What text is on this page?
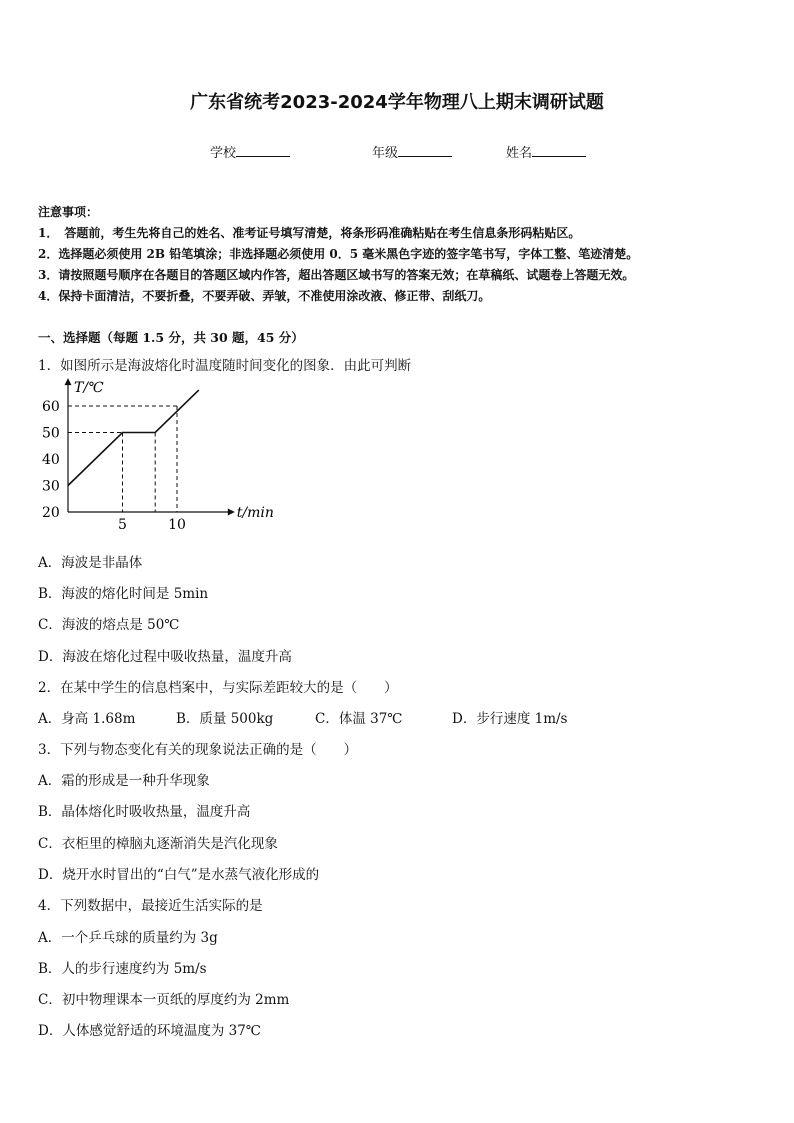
广东省统考2023-2024学年物理八上期末调研试题
学校	年级	姓名
注意事项：
1．　答题前，考生先将自己的姓名、准考证号填写清楚，将条形码准确粘贴在考生信息条形码粘贴区。
2．选择题必须使用 2B 铅笔填涂；非选择题必须使用 0．5 毫米黑色字迹的签字笔书写，字体工整、笔迹清楚。
3．请按照题号顺序在各题目的答题区域内作答，超出答题区域书写的答案无效；在草稿纸、试题卷上答题无效。
4．保持卡面清洁，不要折叠，不要弄破、弄皱，不准使用涂改液、修正带、刮纸刀。
一、选择题（每题 1.5 分，共 30 题，45 分）
1．如图所示是海波熔化时温度随时间变化的图象．由此可判断
T/℃
t/min
60
50
40
30
20
5	10
A．海波是非晶体
B．海波的熔化时间是 5min
C．海波的熔点是 50℃
D．海波在熔化过程中吸收热量，温度升高
2．在某中学生的信息档案中，与实际差距较大的是（　　）
A．身高 1.68m	B．质量 500kg	C．体温 37℃	D．步行速度 1m/s
3．下列与物态变化有关的现象说法正确的是（　　）
A．霜的形成是一种升华现象
B．晶体熔化时吸收热量，温度升高
C．衣柜里的樟脑丸逐渐消失是汽化现象
D．烧开水时冒出的“白气”是水蒸气液化形成的
4．下列数据中，最接近生活实际的是
A．一个乒乓球的质量约为 3g
B．人的步行速度约为 5m/s
C．初中物理课本一页纸的厚度约为 2mm
D．人体感觉舒适的环境温度为 37℃
